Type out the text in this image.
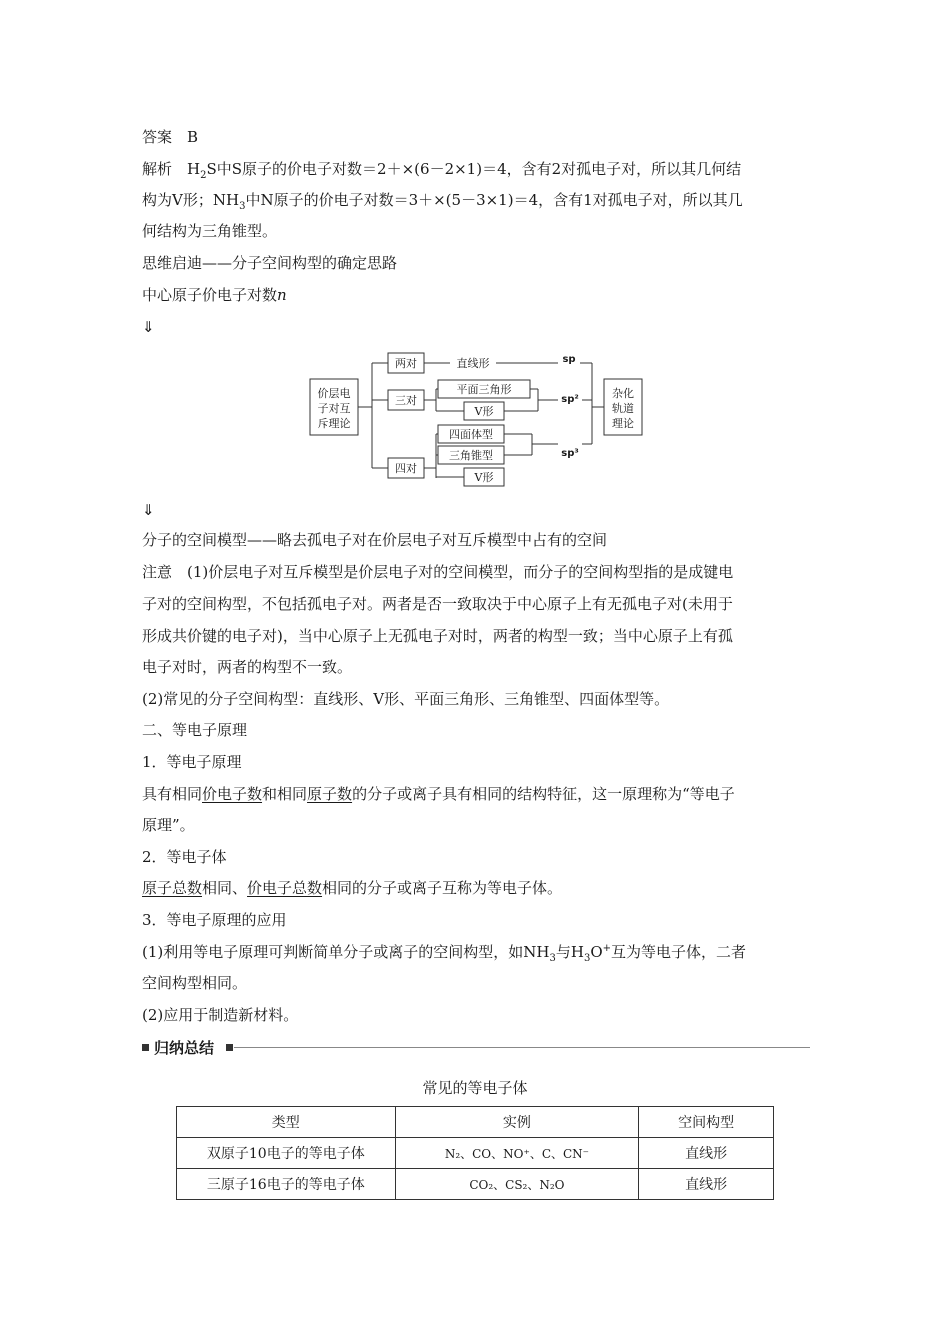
答案　 B
解析　 $H_2S$中S原子的价电子对数＝2＋×(6－2×1)＝4，含有2对孤电子对，所以其几何结
构为V形；$NH_3$中N原子的价电子对数＝3＋×(5－3×1)＝4，含有1对孤电子对，所以其几
何结构为三角锥型。
思维启迪——分子空间构型的确定思路
中心原子价电子对数n
⇓
价层电
子对互
斥理论
两对
三对
四对
直线形
平面三角形
V形
四面体型
三角锥型
V形
sp
sp²
sp³
杂化
轨道
理论
⇓
分子的空间模型——略去孤电子对在价层电子对互斥模型中占有的空间
注意　(1)价层电子对互斥模型是价层电子对的空间模型，而分子的空间构型指的是成键电
子对的空间构型，不包括孤电子对。两者是否一致取决于中心原子上有无孤电子对(未用于
形成共价键的电子对)，当中心原子上无孤电子对时，两者的构型一致；当中心原子上有孤
电子对时，两者的构型不一致。
(2)常见的分子空间构型：直线形、V形、平面三角形、三角锥型、四面体型等。
二、等电子原理
1．等电子原理
具有相同价电子数和相同原子数的分子或离子具有相同的结构特征，这一原理称为“等电子
原理”。
2．等电子体
原子总数相同、价电子总数相同的分子或离子互称为等电子体。
3．等电子原理的应用
(1)利用等电子原理可判断简单分子或离子的空间构型，如$NH_3$与$H_3O^+$互为等电子体，二者
空间构型相同。
(2)应用于制造新材料。
归纳总结
常见的等电子体
类型	实例	空间构型
双原子10电子的等电子体	N₂、CO、NO⁺、C、CN⁻	直线形
三原子16电子的等电子体	CO₂、CS₂、N₂O	直线形
